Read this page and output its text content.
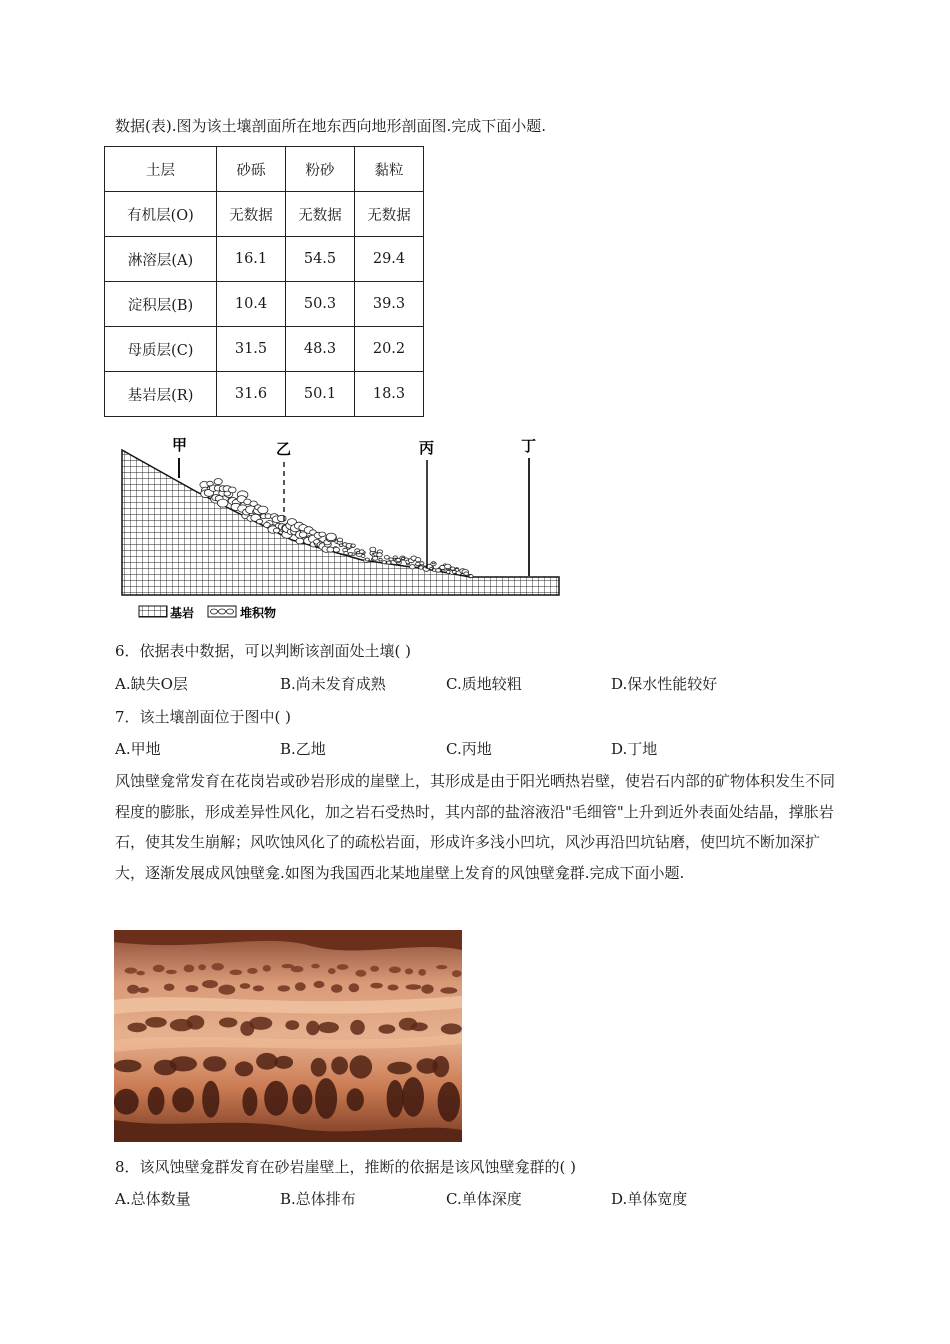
数据(表).图为该土壤剖面所在地东西向地形剖面图.完成下面小题.
土层	砂砾	粉砂	黏粒
有机层(O)	无数据	无数据	无数据
淋溶层(A)	16.1	54.5	29.4
淀积层(B)	10.4	50.3	39.3
母质层(C)	31.5	48.3	20.2
基岩层(R)	31.6	50.1	18.3
甲	乙	丙	丁
基岩	堆积物
6．依据表中数据，可以判断该剖面处土壤( )
A.缺失O层	B.尚未发育成熟	C.质地较粗	D.保水性能较好
7．该土壤剖面位于图中( )
A.甲地	B.乙地	C.丙地	D.丁地
风蚀壁龛常发育在花岗岩或砂岩形成的崖壁上，其形成是由于阳光晒热岩壁，使岩石内部的矿物体积发生不同程度的膨胀，形成差异性风化，加之岩石受热时，其内部的盐溶液沿"毛细管"上升到近外表面处结晶，撑胀岩石，使其发生崩解；风吹蚀风化了的疏松岩面，形成许多浅小凹坑，风沙再沿凹坑钻磨，使凹坑不断加深扩大，逐渐发展成风蚀壁龛.如图为我国西北某地崖壁上发育的风蚀壁龛群.完成下面小题.
8．该风蚀壁龛群发育在砂岩崖壁上，推断的依据是该风蚀壁龛群的( )
A.总体数量	B.总体排布	C.单体深度	D.单体宽度
